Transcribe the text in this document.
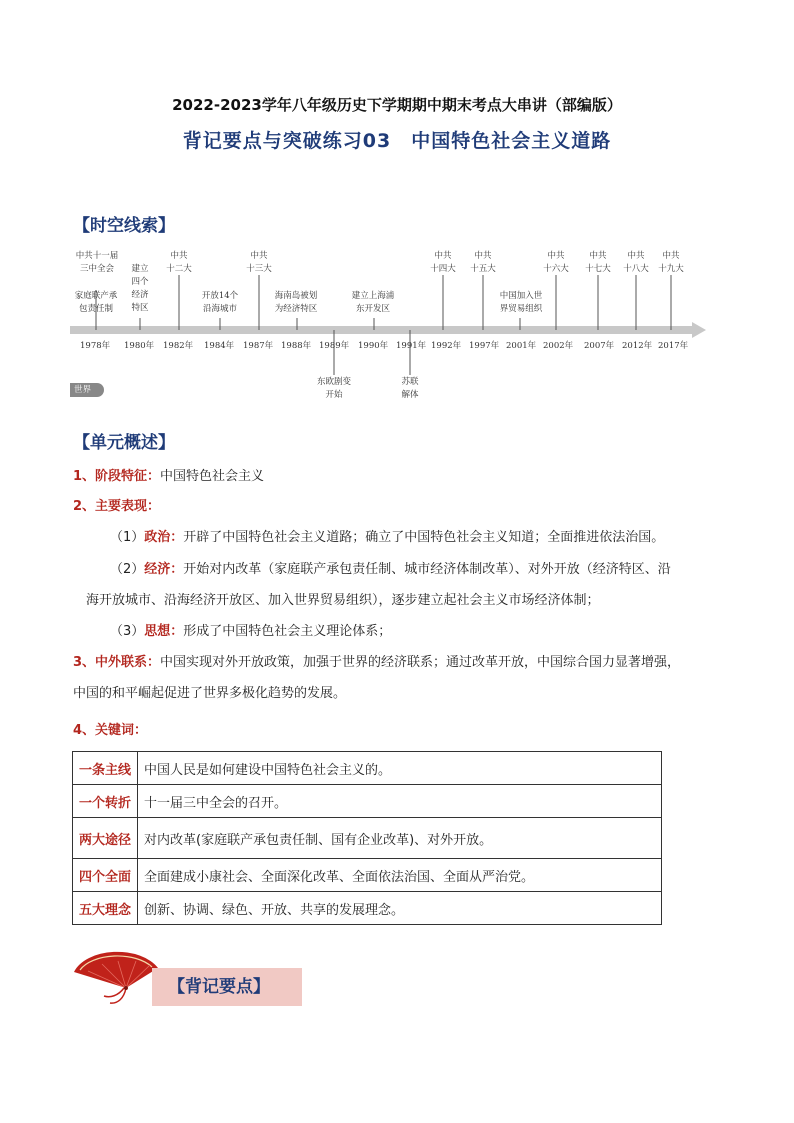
2022-2023学年八年级历史下学期期中期末考点大串讲（部编版）
背记要点与突破练习03　中国特色社会主义道路
【时空线索】
中共十一届
三中全会
家庭联产承
包责任制
建立
四个
经济
特区
中共
十二大
开放14个
沿海城市
中共
十三大
海南岛被划
为经济特区
建立上海浦
东开发区
中共
十四大
中共
十五大
中国加入世
界贸易组织
中共
十六大
中共
十七大
中共
十八大
中共
十九大
1978年 1980年 1982年 1984年 1987年 1988年 1989年 1990年 1991年 1992年 1997年 2001年 2002年 2007年 2012年 2017年
世界
东欧剧变
开始
苏联
解体
【单元概述】
1、阶段特征：中国特色社会主义
2、主要表现：
（1）政治：开辟了中国特色社会主义道路；确立了中国特色社会主义知道；全面推进依法治国。
（2）经济：开始对内改革（家庭联产承包责任制、城市经济体制改革）、对外开放（经济特区、沿
海开放城市、沿海经济开放区、加入世界贸易组织），逐步建立起社会主义市场经济体制；
（3）思想：形成了中国特色社会主义理论体系；
3、中外联系：中国实现对外开放政策，加强于世界的经济联系；通过改革开放，中国综合国力显著增强，
中国的和平崛起促进了世界多极化趋势的发展。
4、关键词：
一条主线	中国人民是如何建设中国特色社会主义的。
一个转折	十一届三中全会的召开。
两大途径	对内改革(家庭联产承包责任制、国有企业改革)、对外开放。
四个全面	全面建成小康社会、全面深化改革、全面依法治国、全面从严治党。
五大理念	创新、协调、绿色、开放、共享的发展理念。
【背记要点】
